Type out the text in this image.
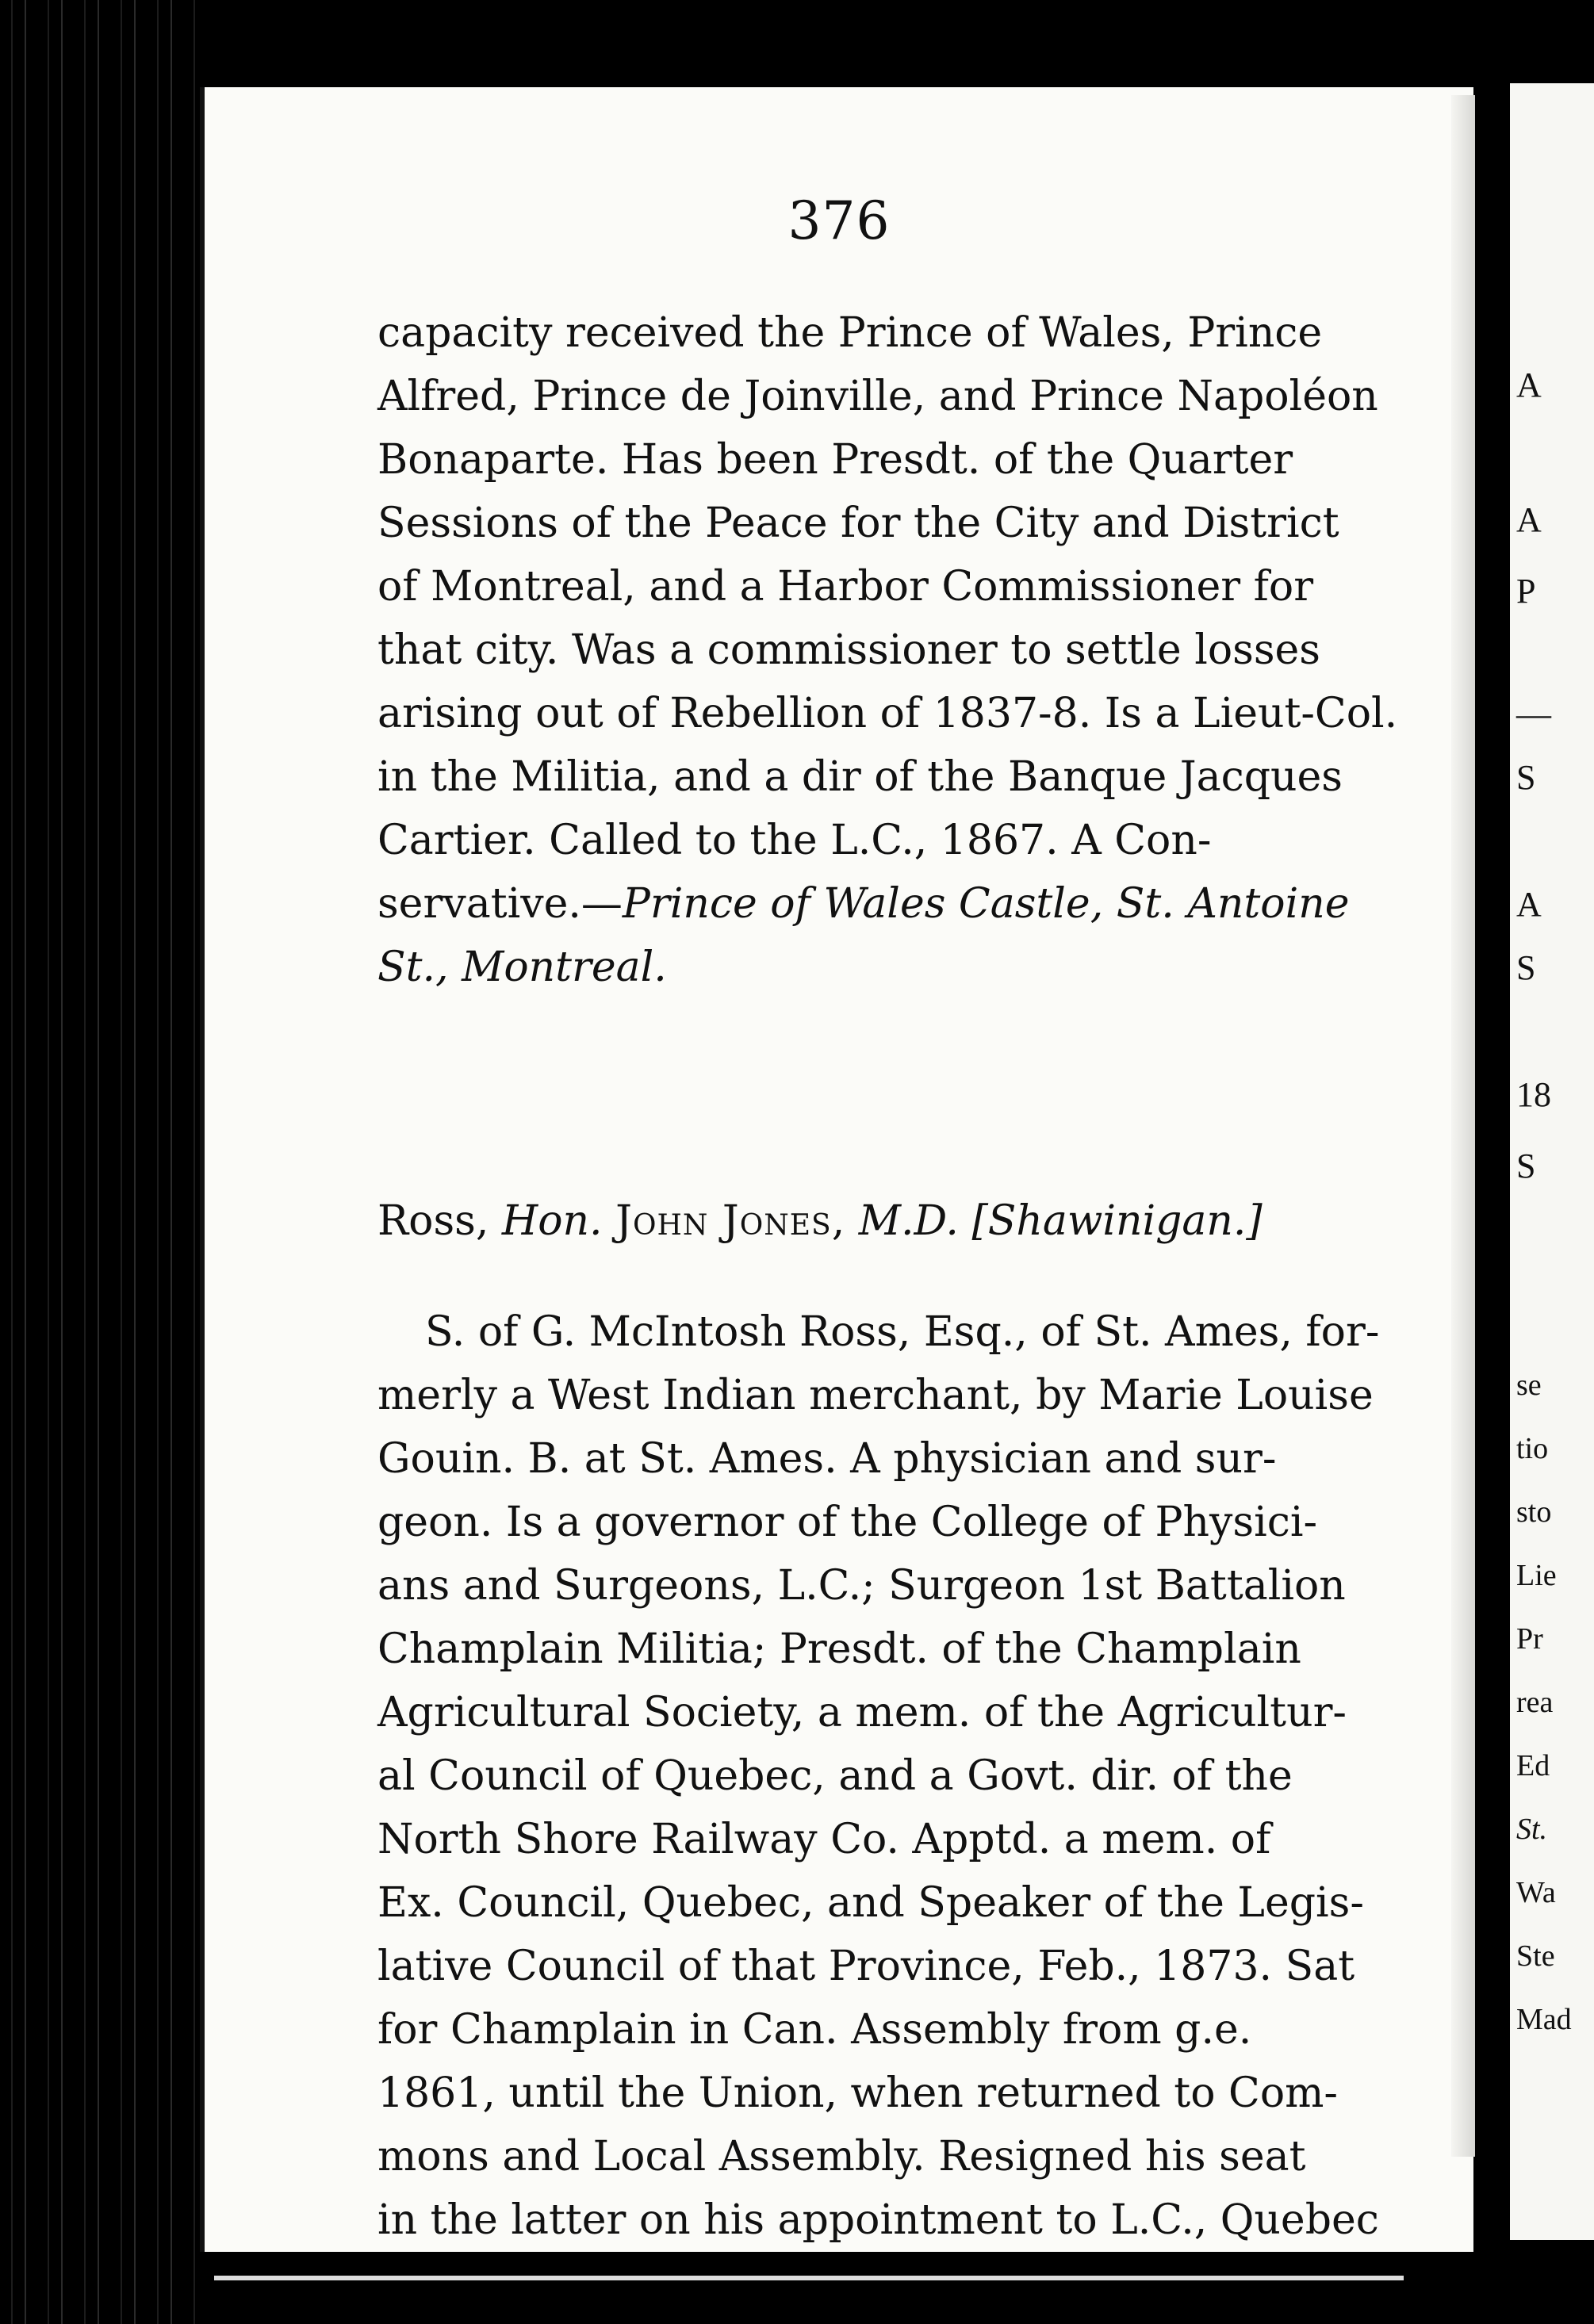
376
capacity received the Prince of Wales, Prince
Alfred, Prince de Joinville, and Prince Napoléon
Bonaparte. Has been Presdt. of the Quarter
Sessions of the Peace for the City and District
of Montreal, and a Harbor Commissioner for
that city. Was a commissioner to settle losses
arising out of Rebellion of 1837-8. Is a Lieut-Col.
in the Militia, and a dir of the Banque Jacques
Cartier. Called to the L.C., 1867. A Con-
servative.—Prince of Wales Castle, St. Antoine
St., Montreal.
Ross, Hon. John Jones, M.D. [Shawinigan.]
S. of G. McIntosh Ross, Esq., of St. Ames, for-
merly a West Indian merchant, by Marie Louise
Gouin. B. at St. Ames. A physician and sur-
geon. Is a governor of the College of Physici-
ans and Surgeons, L.C.; Surgeon 1st Battalion
Champlain Militia; Presdt. of the Champlain
Agricultural Society, a mem. of the Agricultur-
al Council of Quebec, and a Govt. dir. of the
North Shore Railway Co. Apptd. a mem. of
Ex. Council, Quebec, and Speaker of the Legis-
lative Council of that Province, Feb., 1873. Sat
for Champlain in Can. Assembly from g.e.
1861, until the Union, when returned to Com-
mons and Local Assembly. Resigned his seat
in the latter on his appointment to L.C., Quebec
A
A
P
—
S
A
S
18
S
se
tio
sto
Lie
Pr
rea
Ed
St.
Wa
Ste
Mad
